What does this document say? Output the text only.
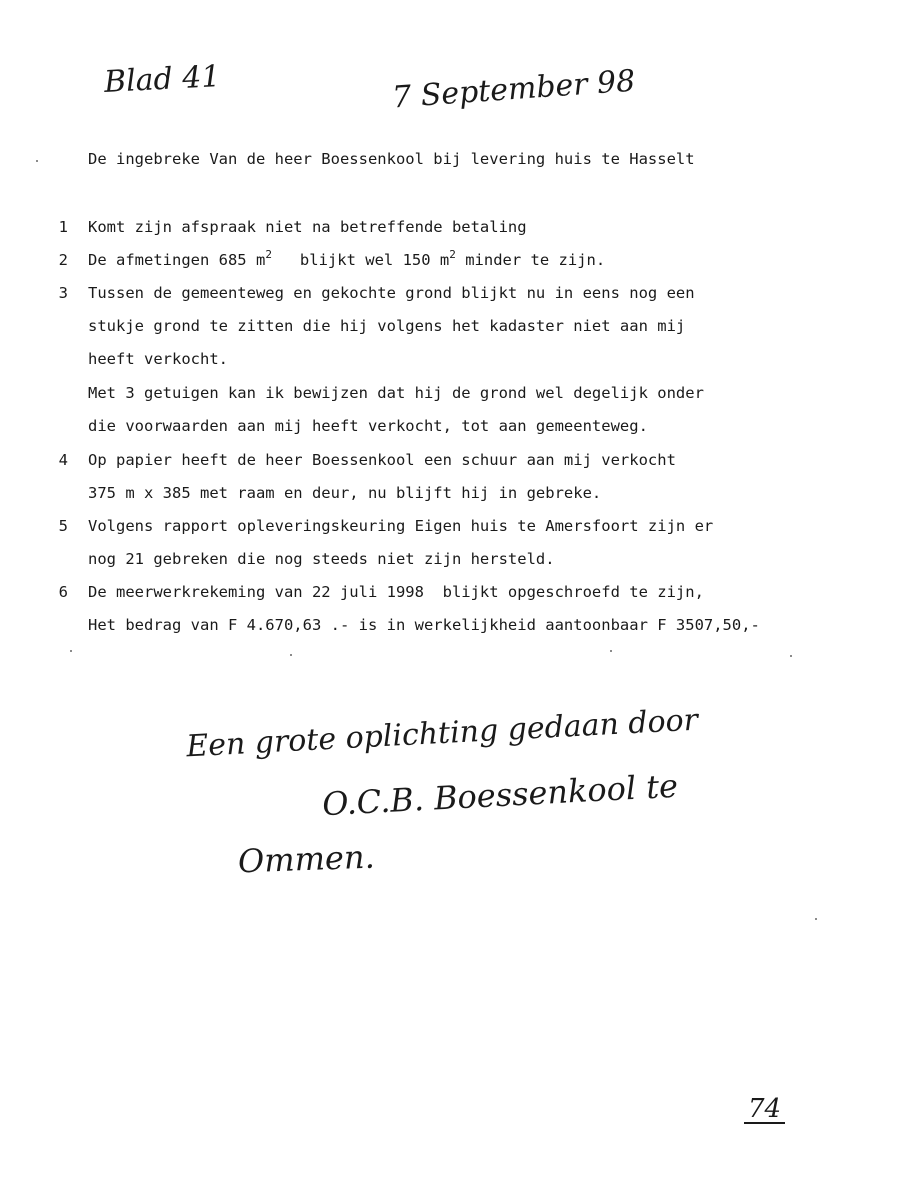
Blad 41	7 September 98
De ingebreke Van de heer Boessenkool bij levering huis te Hasselt
1 Komt zijn afspraak niet na betreffende betaling
2 De afmetingen 685 $m^2$   blijkt wel 150 $m^2$ minder te zijn.
3 Tussen de gemeenteweg en gekochte grond blijkt nu in eens nog een
stukje grond te zitten die hij volgens het kadaster niet aan mij
heeft verkocht.
Met 3 getuigen kan ik bewijzen dat hij de grond wel degelijk onder
die voorwaarden aan mij heeft verkocht, tot aan gemeenteweg.
4 Op papier heeft de heer Boessenkool een schuur aan mij verkocht
375 m x 385 met raam en deur, nu blijft hij in gebreke.
5 Volgens rapport opleveringskeuring Eigen huis te Amersfoort zijn er
nog 21 gebreken die nog steeds niet zijn hersteld.
6 De meerwerkrekeming van 22 juli 1998  blijkt opgeschroefd te zijn,
Het bedrag van F 4.670,63 .- is in werkelijkheid aantoonbaar F 3507,50,-
Een grote oplichting gedaan door
O.C.B. Boessenkool te
Ommen.
74
